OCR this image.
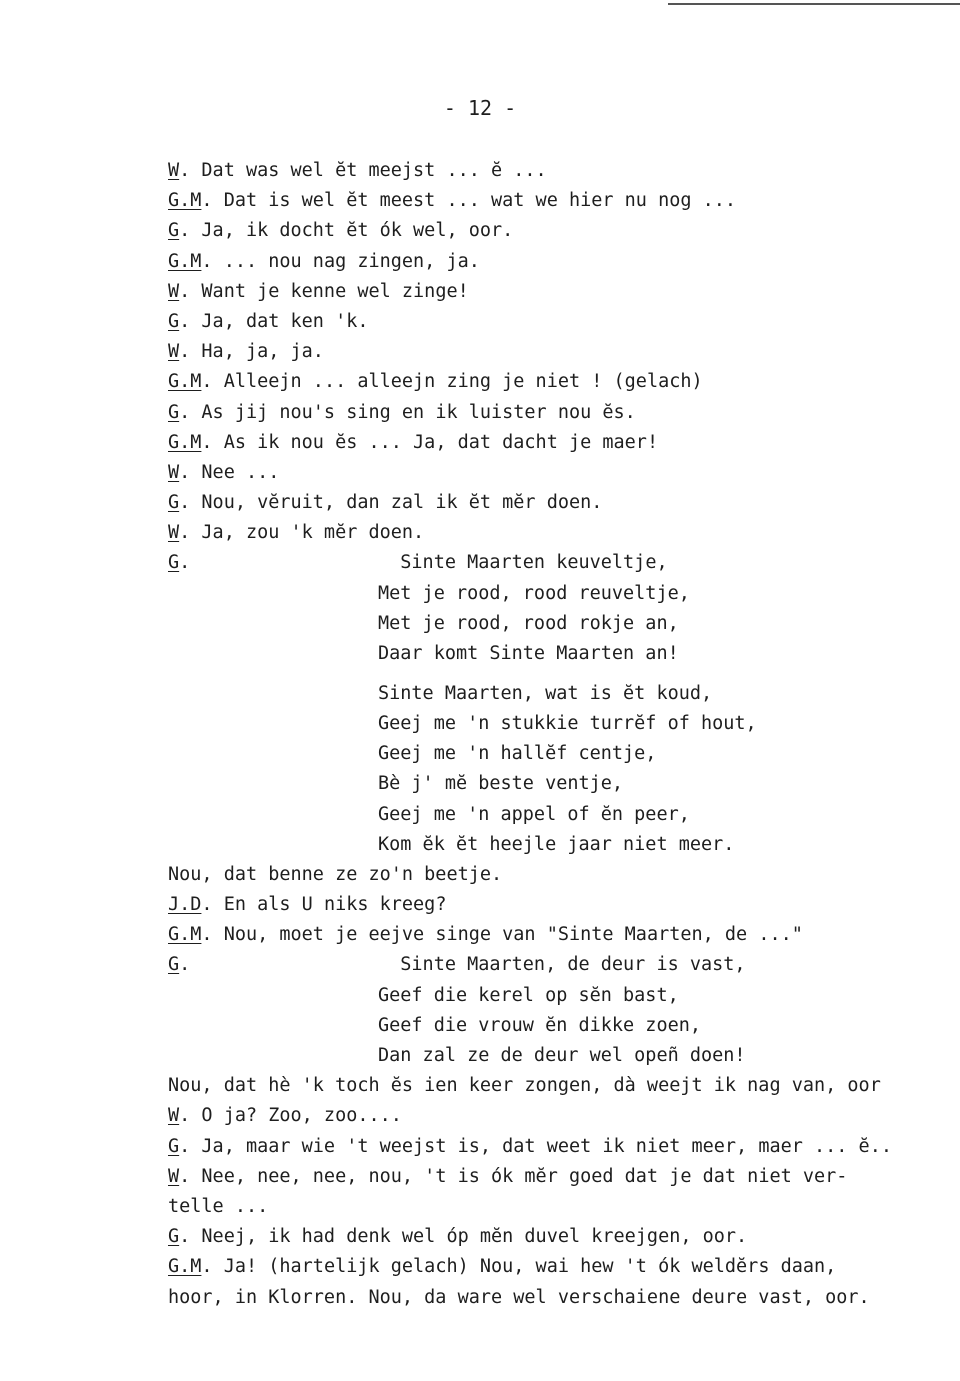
- 12 -
W. Dat was wel ĕt meejst ... ĕ ...
G.M. Dat is wel ĕt meest ... wat we hier nu nog ...
G. Ja, ik docht ĕt ók wel, oor.
G.M. ... nou nag zingen, ja.
W. Want je kenne wel zinge!
G. Ja, dat ken 'k.
W. Ha, ja, ja.
G.M. Alleejn ... alleejn zing je niet ! (gelach)
G. As jij nou's sing en ik luister nou ĕs.
G.M. As ik nou ĕs ... Ja, dat dacht je maer!
W. Nee ...
G. Nou, vĕruit, dan zal ik ĕt mĕr doen.
W. Ja, zou 'k mĕr doen.
G.	Sinte Maarten keuveltje,
Met je rood, rood reuveltje,
Met je rood, rood rokje an,
Daar komt Sinte Maarten an!
Sinte Maarten, wat is ĕt koud,
Geej me 'n stukkie turrĕf of hout,
Geej me 'n hallĕf centje,
Bè j' mĕ beste ventje,
Geej me 'n appel of ĕn peer,
Kom ĕk ĕt heejle jaar niet meer.
Nou, dat benne ze zo'n beetje.
J.D. En als U niks kreeg?
G.M. Nou, moet je eejve singe van "Sinte Maarten, de ..."
G.	Sinte Maarten, de deur is vast,
Geef die kerel op sĕn bast,
Geef die vrouw ĕn dikke zoen,
Dan zal ze de deur wel opeñ doen!
Nou, dat hè 'k toch ĕs ien keer zongen, dà weejt ik nag van, oor
W. O ja? Zoo, zoo....
G. Ja, maar wie 't weejst is, dat weet ik niet meer, maer ... ĕ..
W. Nee, nee, nee, nou, 't is ók mĕr goed dat je dat niet ver-
telle ...
G. Neej, ik had denk wel óp mĕn duvel kreejgen, oor.
G.M. Ja! (hartelijk gelach) Nou, wai hew 't ók weldĕrs daan,
hoor, in Klorren. Nou, da ware wel verschaiene deure vast, oor.
